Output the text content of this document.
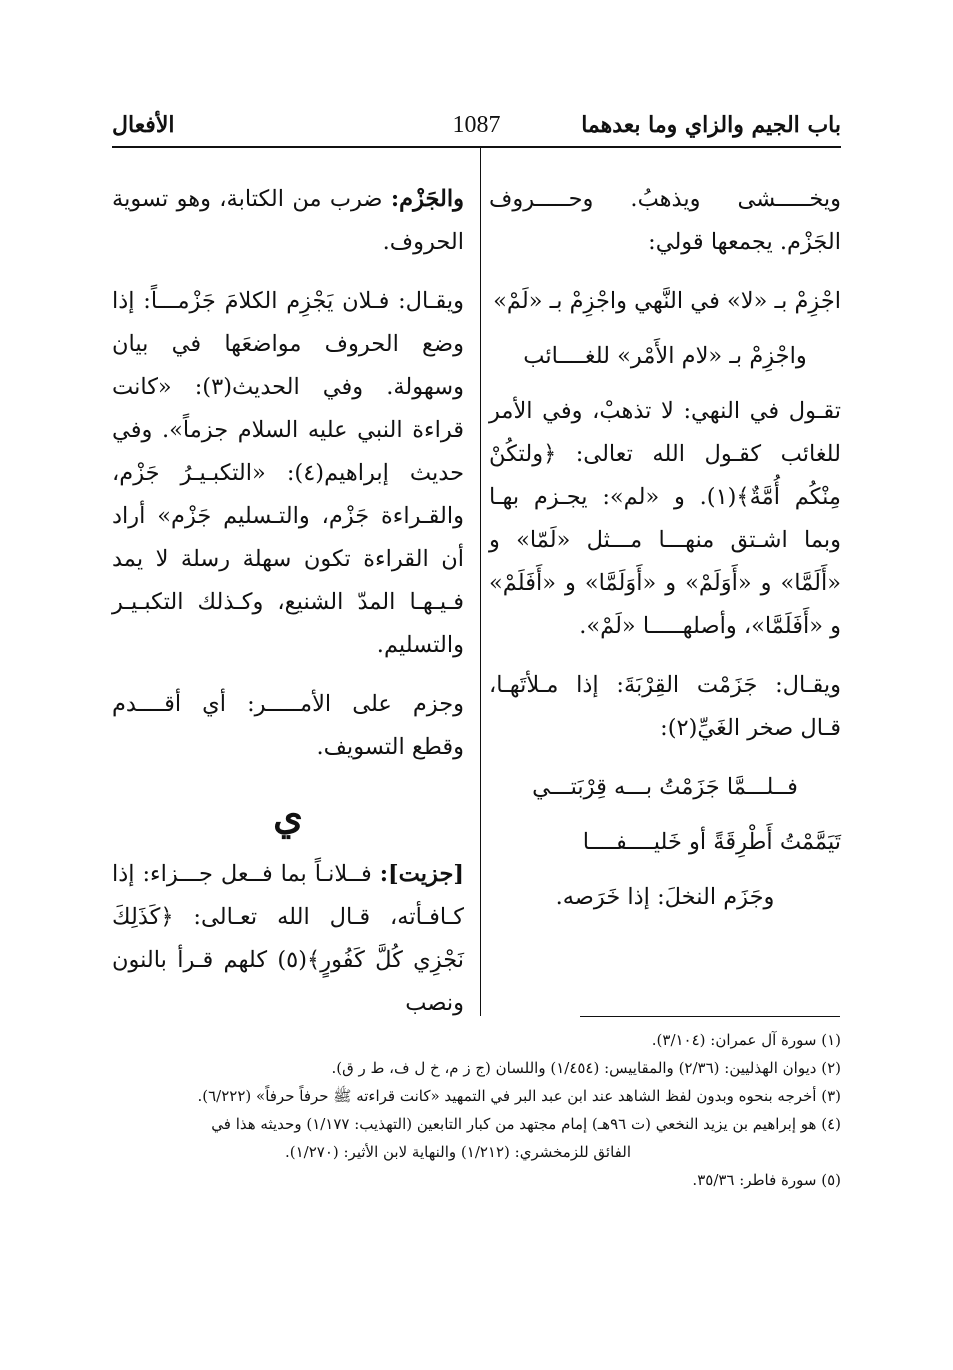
باب الجيم والزاي وما بعدهما
1087
الأفعال

ويخـــــشى ويذهبُ. وحـــــروف الجَزْم. يجمعها قولي:

اجْزِمْ بـ «لا» في النَّهي واجْزِمْ بـ «لَمْ»

واجْزِمْ بـ «لام الأَمْر» للغــــائب

تقـول في النهي: لا تذهبْ، وفي الأمر للغائب كقـول الله تعالى: ﴿ولتكُنْ مِنْكُم أُمَّةٌ﴾(١). و «لم»: يجـزم بهـا وبما اشـتق منهـــا مـــثل «لَمّا» و «أَلَمَّا» و «أَوَلَمْ» و «أَوَلَمَّا» و «أَفَلَمْ» و «أَفَلَمَّا»، وأصلهـــــا «لَمْ».

ويقـال: جَزَمْت القِرْبَةَ: إذا مـلأتَهـا، قـال صخر الغَيِّ(٢):

فــلـــمَّا جَزَمْتُ بـــه قِرْبَتـــي

تَيَمَّمْتُ أَطْرِقَةً أو خَليــــفــــا

وجَزَم النخلَ: إذا خَرَصه.

والجَزْم: ضرب من الكتابة، وهو تسوية الحروف.

ويقـال: فـلان يَجْزِم الكلامَ جَزْمـــاً: إذا وضع الحروف مواضعَها في بيان وسهولة. وفي الحديث(٣): «كانت قراءة النبي عليه السلام جزماً». وفي حديث إبراهيم(٤): «التكبـيـرُ جَزْم، والقـراءة جَزْم، والتـسليم جَزْم» أراد أن القراءة تكون سهلة رسلة لا يمد فـيـهـا المدّ الشنيع، وكـذلك التكبـيـر والتسليم.

وجزم على الأمـــــر: أي أقــــدم وقطع التسويف.

ي

[جزيت]: فــلانـاً بما فــعل جـــزاء: إذا كـافـأته، قـال الله تعـالى: ﴿كَذَلِكَ نَجْزِي كُلَّ كَفُورٍ﴾(٥) كلهم قـرأ بالنون ونصب

(١) سورة آل عمران: (٣/١٠٤).
(٢) ديوان الهذليين: (٢/٣٦) والمقاييس: (١/٤٥٤) واللسان (ج ز م، خ ل ف، ط ر ق).
(٣) أخرجه بنحوه وبدون لفظ الشاهد عند ابن عبد البر في التمهيد «كانت قراءته ﷺ حرفاً حرفاً» (٦/٢٢٢).
(٤) هو إبراهيم بن يزيد النخعي (ت ٩٦هـ) إمام مجتهد من كبار التابعين (التهذيب: ١/١٧٧) وحديثه هذا في
الفائق للزمخشري: (١/٢١٢) والنهاية لابن الأثير: (١/٢٧٠).
(٥) سورة فاطر: ٣٥/٣٦.
